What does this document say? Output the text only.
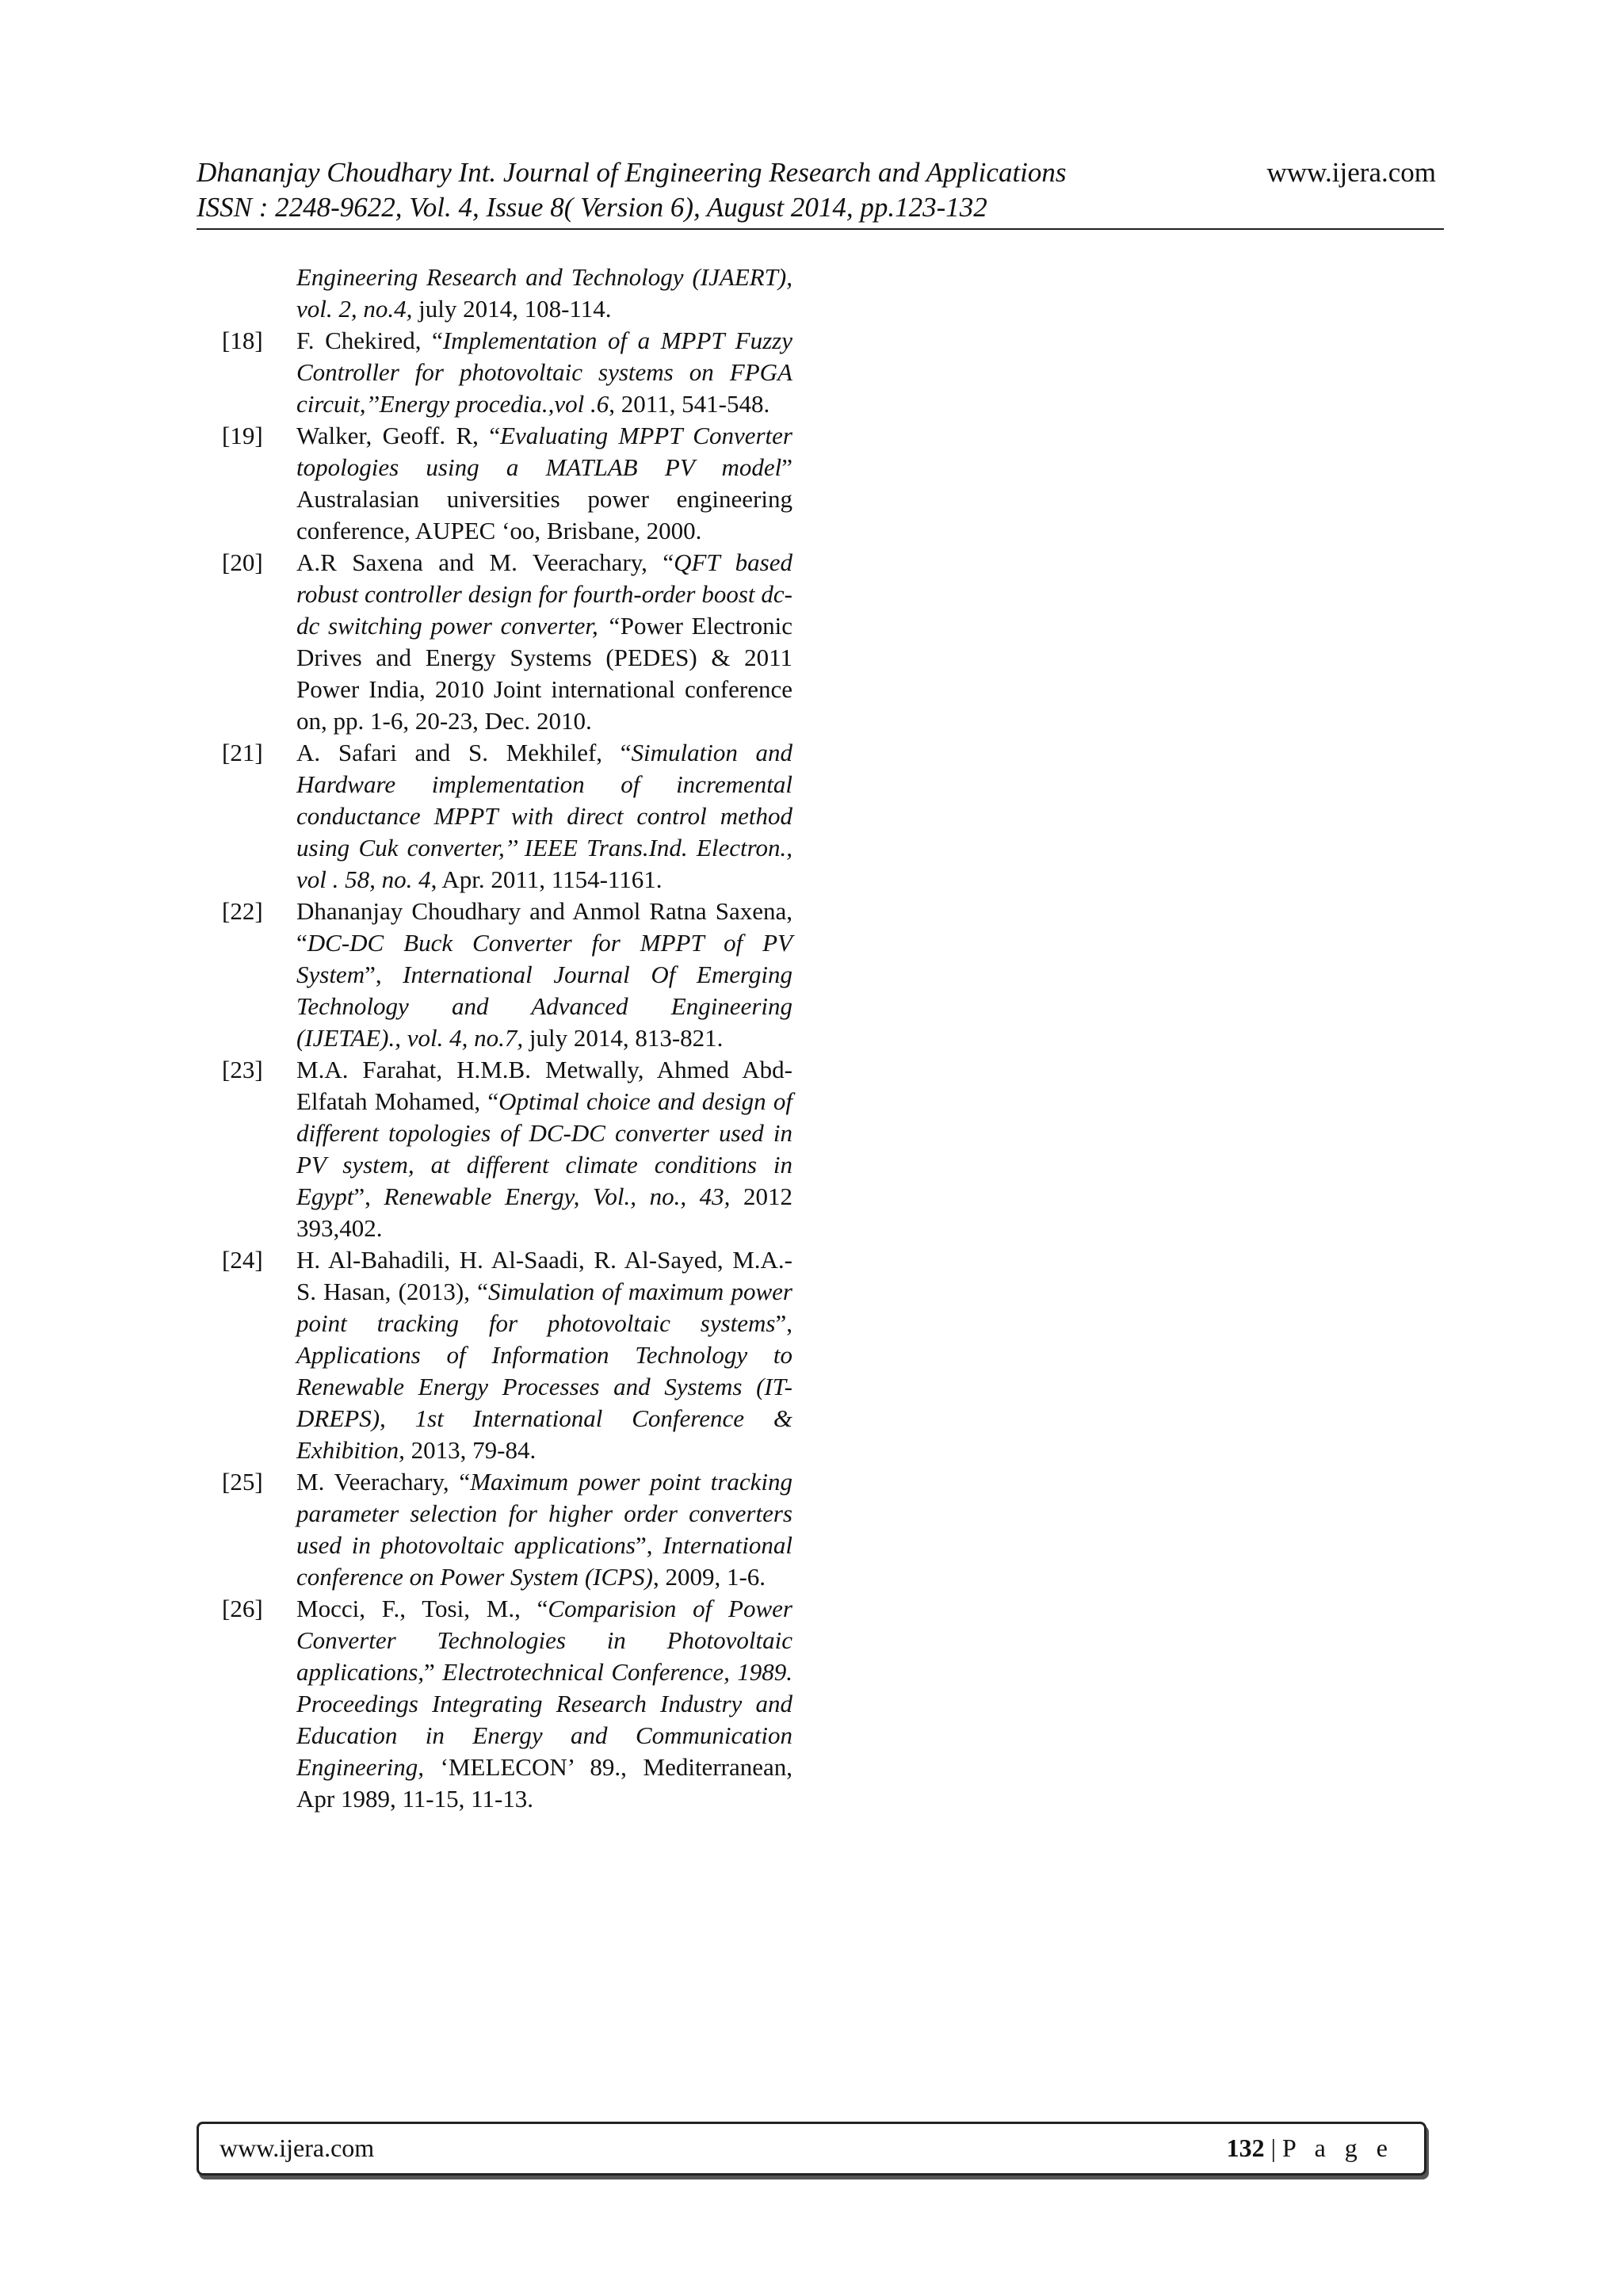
Dhananjay Choudhary Int. Journal of Engineering Research and Applications
ISSN : 2248-9622, Vol. 4, Issue 8( Version 6), August 2014, pp.123-132
www.ijera.com

Engineering Research and Technology (IJAERT), vol. 2, no.4, july 2014, 108-114.

[18] F. Chekired, “Implementation of a MPPT Fuzzy Controller for photovoltaic systems on FPGA circuit,’’Energy procedia.,vol .6, 2011, 541-548.

[19] Walker, Geoff. R, “Evaluating MPPT Converter topologies using a MATLAB PV model” Australasian universities power engineering conference, AUPEC ‘oo, Brisbane, 2000.

[20] A.R Saxena and M. Veerachary, “QFT based robust controller design for fourth-order boost dc-dc switching power converter, “Power Electronic Drives and Energy Systems (PEDES) & 2011 Power India, 2010 Joint international conference on, pp. 1-6, 20-23, Dec. 2010.

[21] A. Safari and S. Mekhilef, “Simulation and Hardware implementation of incremental conductance MPPT with direct control method using Cuk converter,’’ IEEE Trans.Ind. Electron., vol . 58, no. 4, Apr. 2011, 1154-1161.

[22] Dhananjay Choudhary and Anmol Ratna Saxena, “DC-DC Buck Converter for MPPT of PV System”, International Journal Of Emerging Technology and Advanced Engineering (IJETAE)., vol. 4, no.7, july 2014, 813-821.

[23] M.A. Farahat, H.M.B. Metwally, Ahmed Abd-Elfatah Mohamed, “Optimal choice and design of different topologies of DC-DC converter used in PV system, at different climate conditions in Egypt”, Renewable Energy, Vol., no., 43, 2012 393,402.

[24] H. Al-Bahadili, H. Al-Saadi, R. Al-Sayed, M.A.-S. Hasan, (2013), “Simulation of maximum power point tracking for photovoltaic systems”, Applications of Information Technology to Renewable Energy Processes and Systems (IT-DREPS), 1st International Conference & Exhibition, 2013, 79-84.

[25] M. Veerachary, “Maximum power point tracking parameter selection for higher order converters used in photovoltaic applications”, International conference on Power System (ICPS), 2009, 1-6.

[26] Mocci, F., Tosi, M., “Comparision of Power Converter Technologies in Photovoltaic applications,” Electrotechnical Conference, 1989. Proceedings Integrating Research Industry and Education in Energy and Communication Engineering, ‘MELECON’ 89., Mediterranean, Apr 1989, 11-15, 11-13.

www.ijera.com	132 | P a g e
